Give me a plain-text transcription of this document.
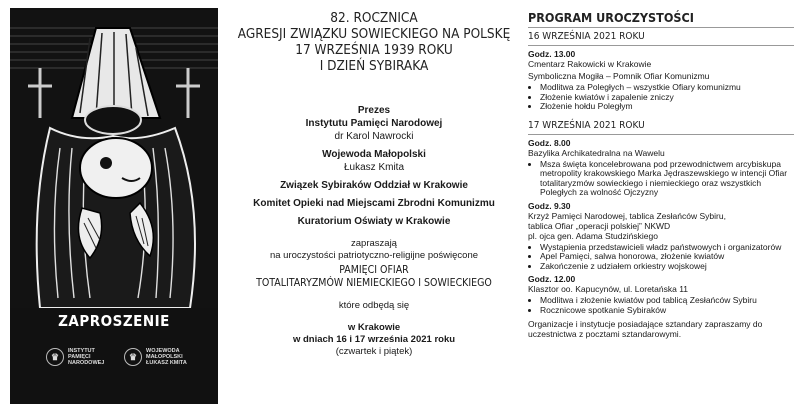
ZAPROSZENIE
♛
INSTYTUT
PAMIĘCI
NARODOWEJ
♛
WOJEWODA
MAŁOPOLSKI
ŁUKASZ KMITA
82. ROCZNICA
AGRESJI ZWIĄZKU SOWIECKIEGO NA POLSKĘ
17 WRZEŚNIA 1939 ROKU
I DZIEŃ SYBIRAKA
Prezes
Instytutu Pamięci Narodowej
dr Karol Nawrocki
Wojewoda Małopolski
Łukasz Kmita
Związek Sybiraków Oddział w Krakowie
Komitet Opieki nad Miejscami Zbrodni Komunizmu
Kuratorium Oświaty w Krakowie
zapraszają
na uroczystości patriotyczno-religijne poświęcone
PAMIĘCI OFIAR
TOTALITARYZMÓW NIEMIECKIEGO I SOWIECKIEGO
które odbędą się
w Krakowie
w dniach 16 i 17 września 2021 roku
(czwartek i piątek)
PROGRAM UROCZYSTOŚCI
16 WRZEŚNIA 2021 ROKU
Godz. 13.00
Cmentarz Rakowicki w Krakowie
Symboliczna Mogiła – Pomnik Ofiar Komunizmu
• Modlitwa za Poległych – wszystkie Ofiary komunizmu
• Złożenie kwiatów i zapalenie zniczy
• Złożenie hołdu Poległym
17 WRZEŚNIA 2021 ROKU
Godz. 8.00
Bazylika Archikatedralna na Wawelu
• Msza święta koncelebrowana pod przewodnictwem arcybiskupa metropolity krakowskiego Marka Jędraszewskiego w intencji Ofiar totalitaryzmów sowieckiego i niemieckiego oraz wszystkich Poległych za wolność Ojczyzny
Godz. 9.30
Krzyż Pamięci Narodowej, tablica Zesłańców Sybiru,
tablica Ofiar „operacji polskiej” NKWD
pl. ojca gen. Adama Studzińskiego
• Wystąpienia przedstawicieli władz państwowych i organizatorów
• Apel Pamięci, salwa honorowa, złożenie kwiatów
• Zakończenie z udziałem orkiestry wojskowej
Godz. 12.00
Klasztor oo. Kapucynów, ul. Loretańska 11
• Modlitwa i złożenie kwiatów pod tablicą Zesłańców Sybiru
• Rocznicowe spotkanie Sybiraków
Organizacje i instytucje posiadające sztandary zapraszamy do uczestnictwa z pocztami sztandarowymi.
